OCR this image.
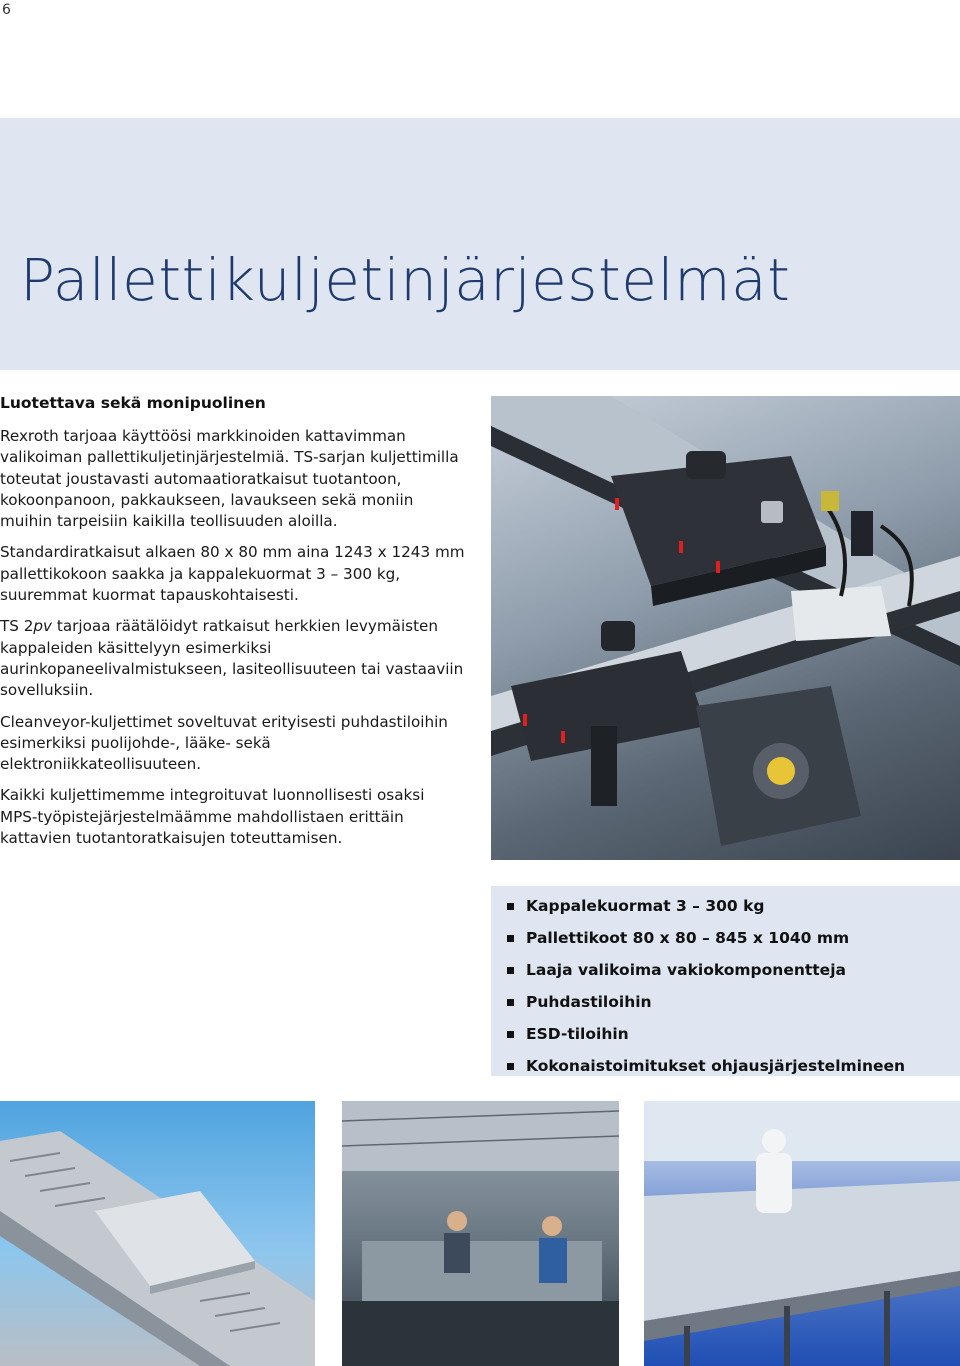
6
Pallettikuljetinjärjestelmät
Luotettava sekä monipuolinen

Rexroth tarjoaa käyttöösi markkinoiden kattavimman valikoiman pallettikuljetinjärjestelmiä. TS-sarjan kuljettimilla toteutat joustavasti automaatioratkaisut tuotantoon, kokoonpanoon, pakkaukseen, lavaukseen sekä moniin muihin tarpeisiin kaikilla teollisuuden aloilla.

Standardiratkaisut alkaen 80 x 80 mm aina 1243 x 1243 mm pallettikokoon saakka ja kappalekuormat 3 – 300 kg, suuremmat kuormat tapauskohtaisesti.

TS 2pv tarjoaa räätälöidyt ratkaisut herkkien levymäisten kappaleiden käsittelyyn esimerkiksi aurinkopaneelivalmistukseen, lasiteollisuuteen tai vastaaviin sovelluksiin.

Cleanveyor-kuljettimet soveltuvat erityisesti puhdastiloihin esimerkiksi puolijohde-, lääke- sekä elektroniikkateollisuuteen.

Kaikki kuljettimemme integroituvat luonnollisesti osaksi MPS-työpistejärjestelmäämme mahdollistaen erittäin kattavien tuotantoratkaisujen toteuttamisen.

Kappalekuormat 3 – 300 kg
Pallettikoot 80 x 80 – 845 x 1040 mm
Laaja valikoima vakiokomponentteja
Puhdastiloihin
ESD-tiloihin
Kokonaistoimitukset ohjausjärjestelmineen
